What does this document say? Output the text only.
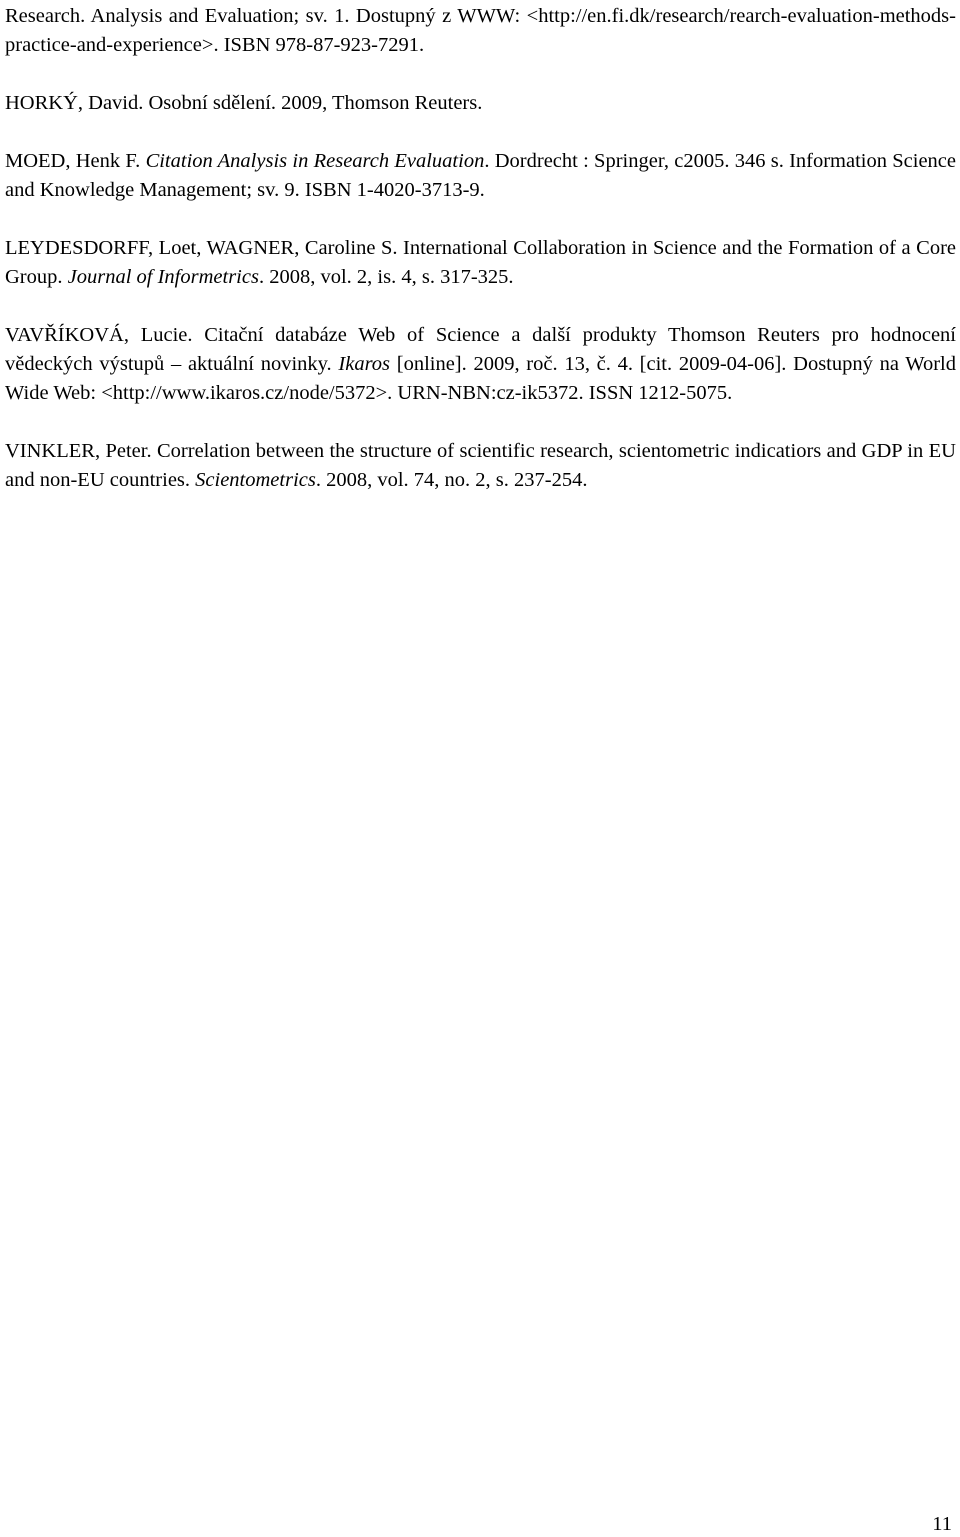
Research. Analysis and Evaluation; sv. 1. Dostupný z WWW: <http://en.fi.dk/research/rearch-evaluation-methods-practice-and-experience>. ISBN 978-87-923-7291.

HORKÝ, David. Osobní sdělení. 2009, Thomson Reuters.

MOED, Henk F. Citation Analysis in Research Evaluation. Dordrecht : Springer, c2005. 346 s. Information Science and Knowledge Management; sv. 9. ISBN 1-4020-3713-9.

LEYDESDORFF, Loet, WAGNER, Caroline S. International Collaboration in Science and the Formation of a Core Group. Journal of Informetrics. 2008, vol. 2, is. 4, s. 317-325.

VAVŘÍKOVÁ, Lucie. Citační databáze Web of Science a další produkty Thomson Reuters pro hodnocení vědeckých výstupů – aktuální novinky. Ikaros [online]. 2009, roč. 13, č. 4. [cit. 2009-04-06]. Dostupný na World Wide Web: <http://www.ikaros.cz/node/5372>. URN-NBN:cz-ik5372. ISSN 1212-5075.

VINKLER, Peter. Correlation between the structure of scientific research, scientometric indicatiors and GDP in EU and non-EU countries. Scientometrics. 2008, vol. 74, no. 2, s. 237-254.

11
